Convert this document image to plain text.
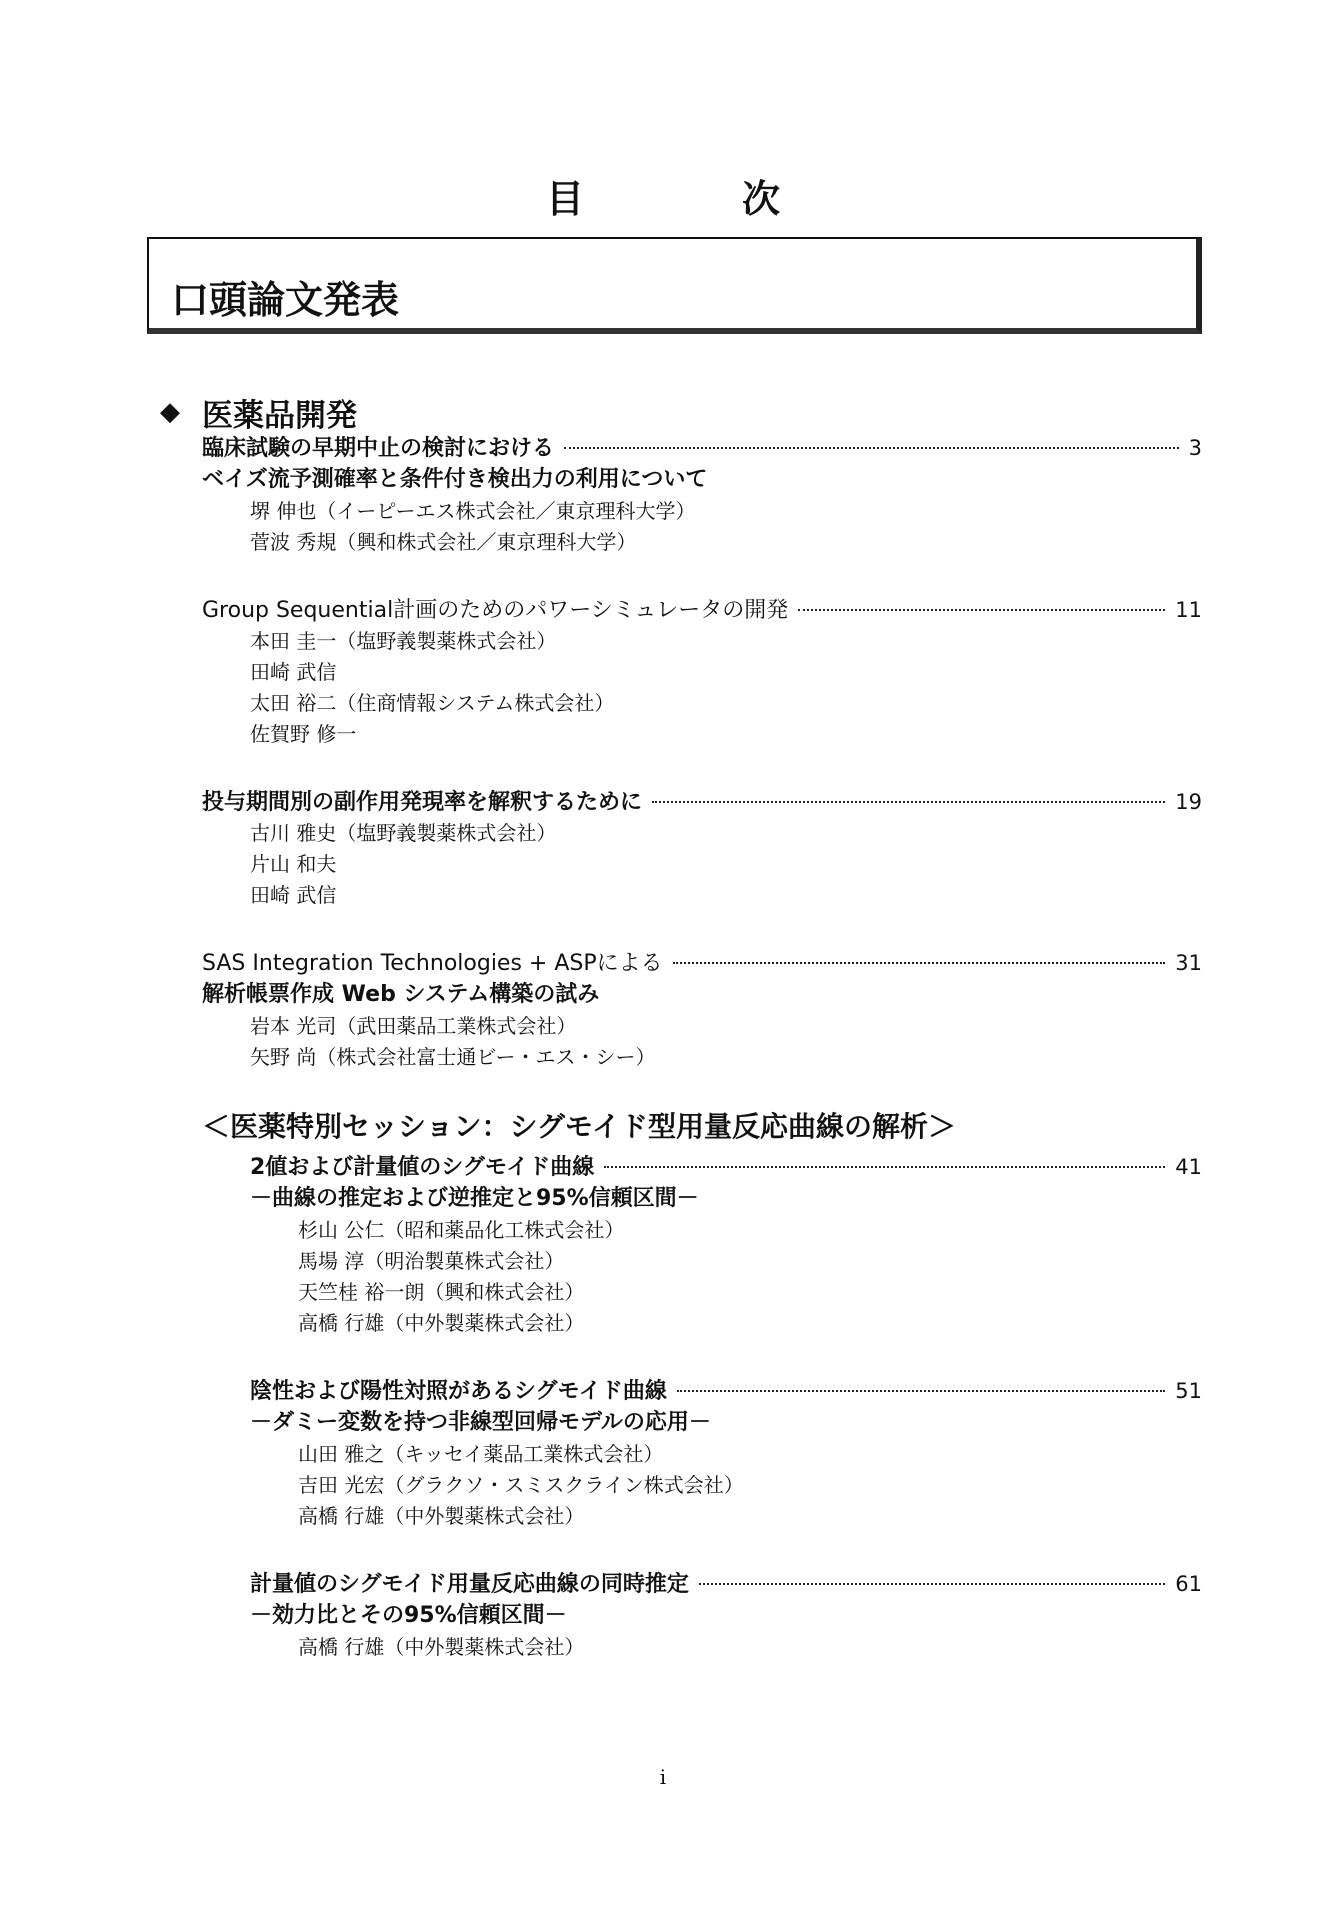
目　次
口頭論文発表
◆ 医薬品開発
臨床試験の早期中止の検討における	3
ベイズ流予測確率と条件付き検出力の利用について
堺 伸也（イーピーエス株式会社／東京理科大学）
菅波 秀規（興和株式会社／東京理科大学）
Group Sequential計画のためのパワーシミュレータの開発	11
本田 圭一（塩野義製薬株式会社）
田崎 武信
太田 裕二（住商情報システム株式会社）
佐賀野 修一
投与期間別の副作用発現率を解釈するために	19
古川 雅史（塩野義製薬株式会社）
片山 和夫
田崎 武信
SAS Integration Technologies + ASPによる	31
解析帳票作成 Web システム構築の試み
岩本 光司（武田薬品工業株式会社）
矢野 尚（株式会社富士通ビー・エス・シー）
＜医薬特別セッション：シグモイド型用量反応曲線の解析＞
2値および計量値のシグモイド曲線	41
－曲線の推定および逆推定と95%信頼区間－
杉山 公仁（昭和薬品化工株式会社）
馬場 淳（明治製菓株式会社）
天竺桂 裕一朗（興和株式会社）
高橋 行雄（中外製薬株式会社）
陰性および陽性対照があるシグモイド曲線	51
－ダミー変数を持つ非線型回帰モデルの応用－
山田 雅之（キッセイ薬品工業株式会社）
吉田 光宏（グラクソ・スミスクライン株式会社）
高橋 行雄（中外製薬株式会社）
計量値のシグモイド用量反応曲線の同時推定	61
－効力比とその95%信頼区間－
高橋 行雄（中外製薬株式会社）
i
